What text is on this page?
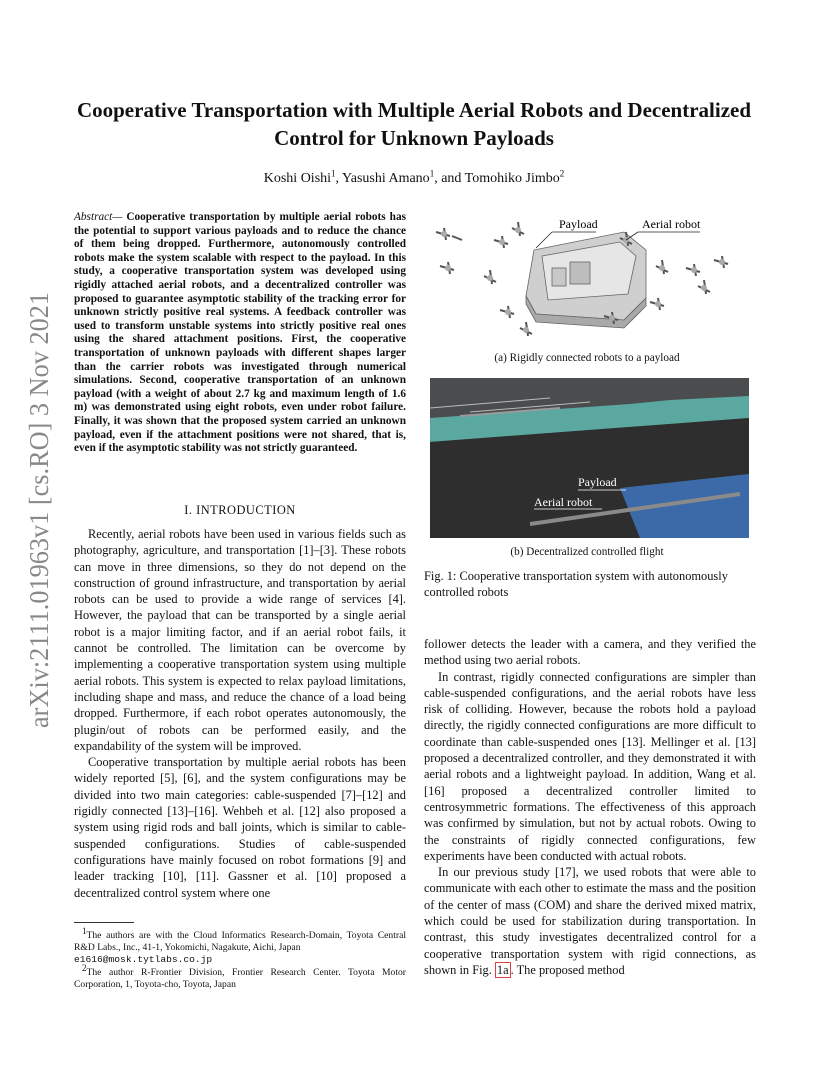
Cooperative Transportation with Multiple Aerial Robots and Decentralized Control for Unknown Payloads
Koshi Oishi$^1$, Yasushi Amano$^1$, and Tomohiko Jimbo$^2$
arXiv:2111.01963v1 [cs.RO] 3 Nov 2021
Abstract— Cooperative transportation by multiple aerial robots has the potential to support various payloads and to reduce the chance of them being dropped. Furthermore, autonomously controlled robots make the system scalable with respect to the payload. In this study, a cooperative transportation system was developed using rigidly attached aerial robots, and a decentralized controller was proposed to guarantee asymptotic stability of the tracking error for unknown strictly positive real systems. A feedback controller was used to transform unstable systems into strictly positive real ones using the shared attachment positions. First, the cooperative transportation of unknown payloads with different shapes larger than the carrier robots was investigated through numerical simulations. Second, cooperative transportation of an unknown payload (with a weight of about 2.7 kg and maximum length of 1.6 m) was demonstrated using eight robots, even under robot failure. Finally, it was shown that the proposed system carried an unknown payload, even if the attachment positions were not shared, that is, even if the asymptotic stability was not strictly guaranteed.
I. INTRODUCTION

Recently, aerial robots have been used in various fields such as photography, agriculture, and transportation [1]–[3]. These robots can move in three dimensions, so they do not depend on the construction of ground infrastructure, and transportation by aerial robots can be used to provide a wide range of services [4]. However, the payload that can be transported by a single aerial robot is a major limiting factor, and if an aerial robot fails, it cannot be controlled. The limitation can be overcome by implementing a cooperative transportation system using multiple aerial robots. This system is expected to relax payload limitations, including shape and mass, and reduce the chance of a load being dropped. Furthermore, if each robot operates autonomously, the plugin/out of robots can be performed easily, and the expandability of the system will be improved.

Cooperative transportation by multiple aerial robots has been widely reported [5], [6], and the system configurations may be divided into two main categories: cable-suspended [7]–[12] and rigidly connected [13]–[16]. Wehbeh et al. [12] also proposed a system using rigid rods and ball joints, which is similar to cable-suspended configurations. Studies of cable-suspended configurations have mainly focused on robot formations [9] and leader tracking [10], [11]. Gassner et al. [10] proposed a decentralized control system where one

$^1$The authors are with the Cloud Informatics Research-Domain, Toyota Central R&D Labs., Inc., 41-1, Yokomichi, Nagakute, Aichi, Japan
e1616@mosk.tytlabs.co.jp

$^2$The author R-Frontier Division, Frontier Research Center. Toyota Motor Corporation, 1, Toyota-cho, Toyota, Japan

Payload	Aerial robot
(a) Rigidly connected robots to a payload
Payload
Aerial robot
(b) Decentralized controlled flight
Fig. 1: Cooperative transportation system with autonomously controlled robots

follower detects the leader with a camera, and they verified the method using two aerial robots.

In contrast, rigidly connected configurations are simpler than cable-suspended configurations, and the aerial robots have less risk of colliding. However, because the robots hold a payload directly, the rigidly connected configurations are more difficult to coordinate than cable-suspended ones [13]. Mellinger et al. [13] proposed a decentralized controller, and they demonstrated it with aerial robots and a lightweight payload. In addition, Wang et al. [16] proposed a decentralized controller limited to centrosymmetric formations. The effectiveness of this approach was confirmed by simulation, but not by actual robots. Owing to the constraints of rigidly connected configurations, few experiments have been conducted with actual robots.

In our previous study [17], we used robots that were able to communicate with each other to estimate the mass and the position of the center of mass (COM) and share the derived mixed matrix, which could be used for stabilization during transportation. In contrast, this study investigates decentralized control for a cooperative transportation system with rigid connections, as shown in Fig. 1a . The proposed method
